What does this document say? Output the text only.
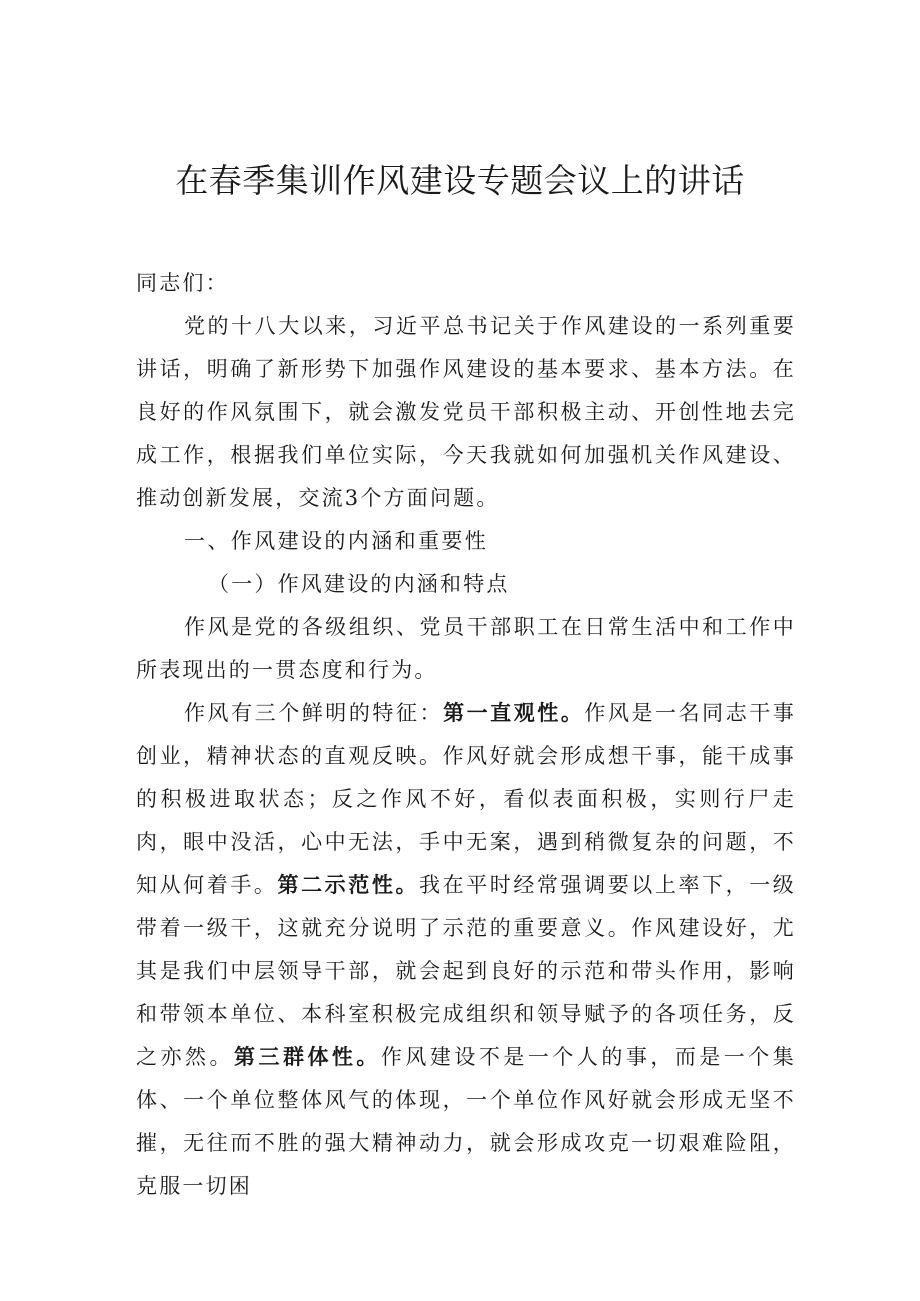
在春季集训作风建设专题会议上的讲话

同志们：

党的十八大以来，习近平总书记关于作风建设的一系列重要讲话，明确了新形势下加强作风建设的基本要求、基本方法。在良好的作风氛围下，就会激发党员干部积极主动、开创性地去完成工作，根据我们单位实际，今天我就如何加强机关作风建设、推动创新发展，交流3个方面问题。

一、作风建设的内涵和重要性

（一）作风建设的内涵和特点

作风是党的各级组织、党员干部职工在日常生活中和工作中所表现出的一贯态度和行为。

作风有三个鲜明的特征：第一直观性。作风是一名同志干事创业，精神状态的直观反映。作风好就会形成想干事，能干成事的积极进取状态；反之作风不好，看似表面积极，实则行尸走肉，眼中没活，心中无法，手中无案，遇到稍微复杂的问题，不知从何着手。第二示范性。我在平时经常强调要以上率下，一级带着一级干，这就充分说明了示范的重要意义。作风建设好，尤其是我们中层领导干部，就会起到良好的示范和带头作用，影响和带领本单位、本科室积极完成组织和领导赋予的各项任务，反之亦然。第三群体性。作风建设不是一个人的事，而是一个集体、一个单位整体风气的体现，一个单位作风好就会形成无坚不摧，无往而不胜的强大精神动力，就会形成攻克一切艰难险阻，克服一切困
